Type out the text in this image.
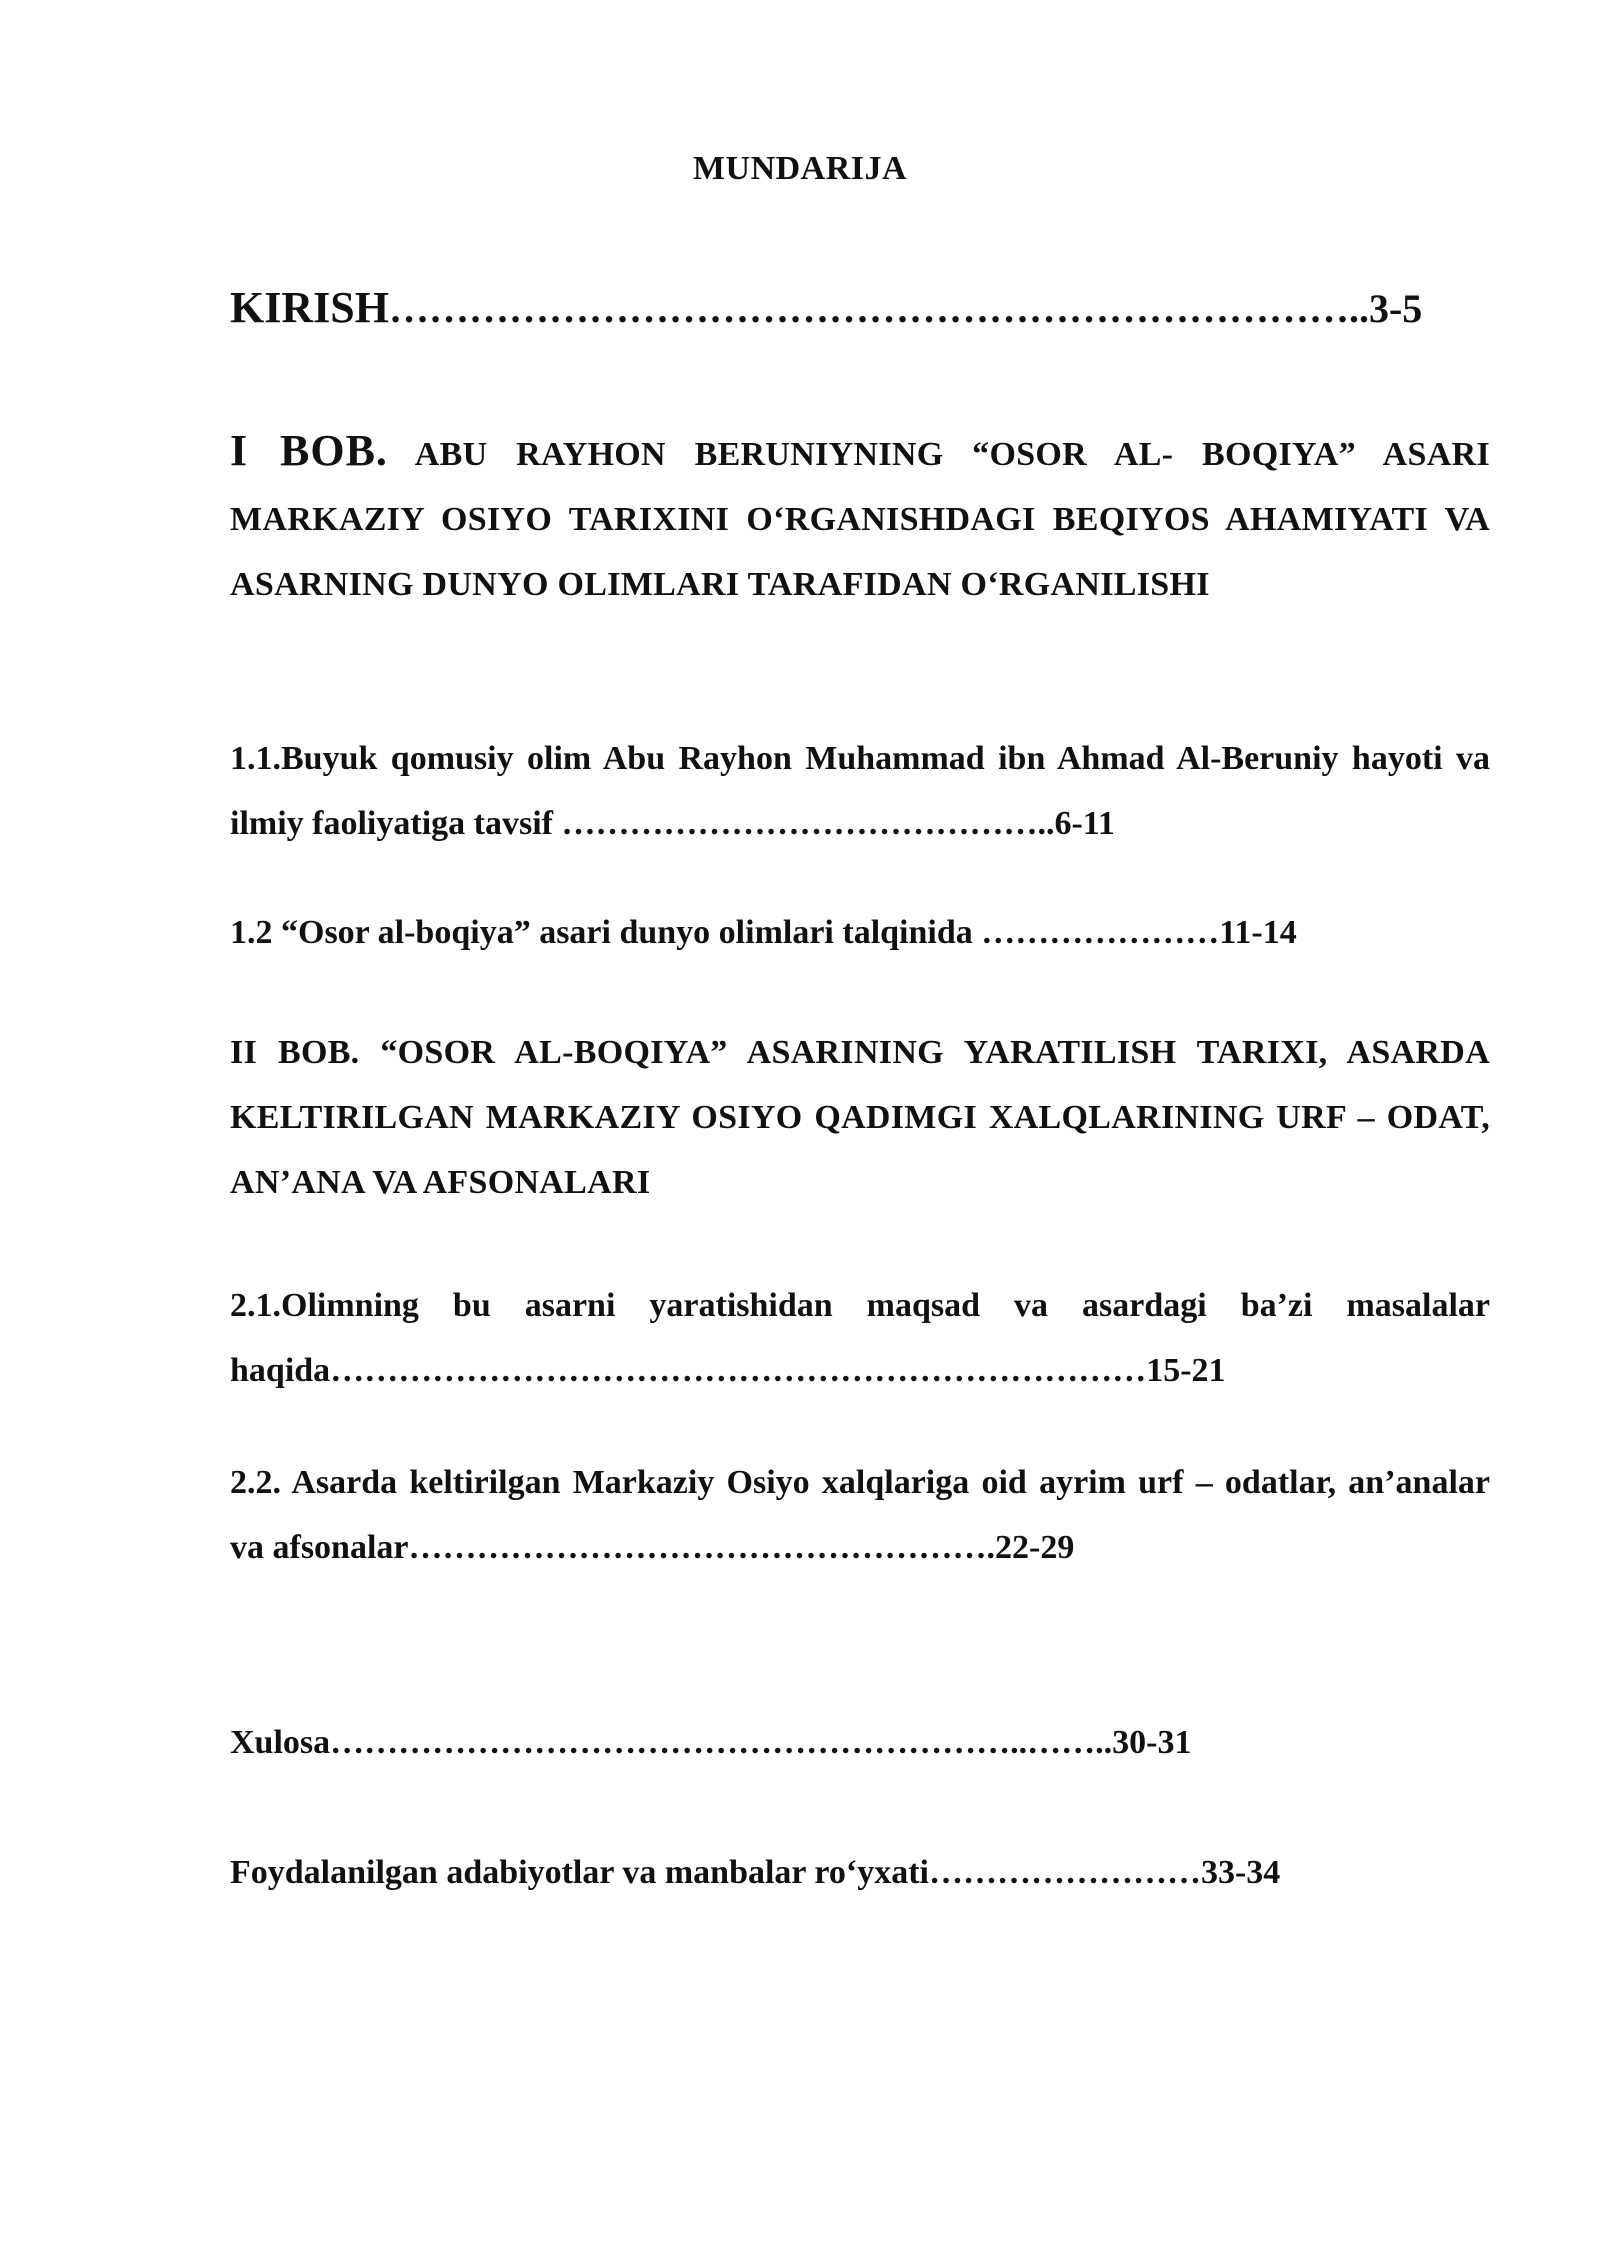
MUNDARIJA
KIRISH………………………………………………………………..3-5
I BOB. ABU RAYHON BERUNIYNING “OSOR AL- BOQIYA” ASARI MARKAZIY OSIYO TARIXINI O‘RGANISHDAGI BEQIYOS AHAMIYATI VA ASARNING DUNYO OLIMLARI TARAFIDAN O‘RGANILISHI
1.1.Buyuk qomusiy olim Abu Rayhon Muhammad ibn Ahmad Al-Beruniy hayoti va ilmiy faoliyatiga tavsif ……………………………………..6-11
1.2 “Osor al-boqiya” asari dunyo olimlari talqinida …………………11-14
II BOB. “OSOR AL-BOQIYA” ASARINING YARATILISH TARIXI, ASARDA KELTIRILGAN MARKAZIY OSIYO QADIMGI XALQLARINING URF – ODAT, AN’ANA VA AFSONALARI
2.1.Olimning bu asarni yaratishidan maqsad va asardagi ba’zi masalalar haqida………………………………………………………………15-21
2.2. Asarda keltirilgan Markaziy Osiyo xalqlariga oid ayrim urf – odatlar, an’analar va afsonalar…………………………………………….22-29
Xulosa……………………………………………………..……..30-31
Foydalanilgan adabiyotlar va manbalar ro‘yxati……………………33-34
